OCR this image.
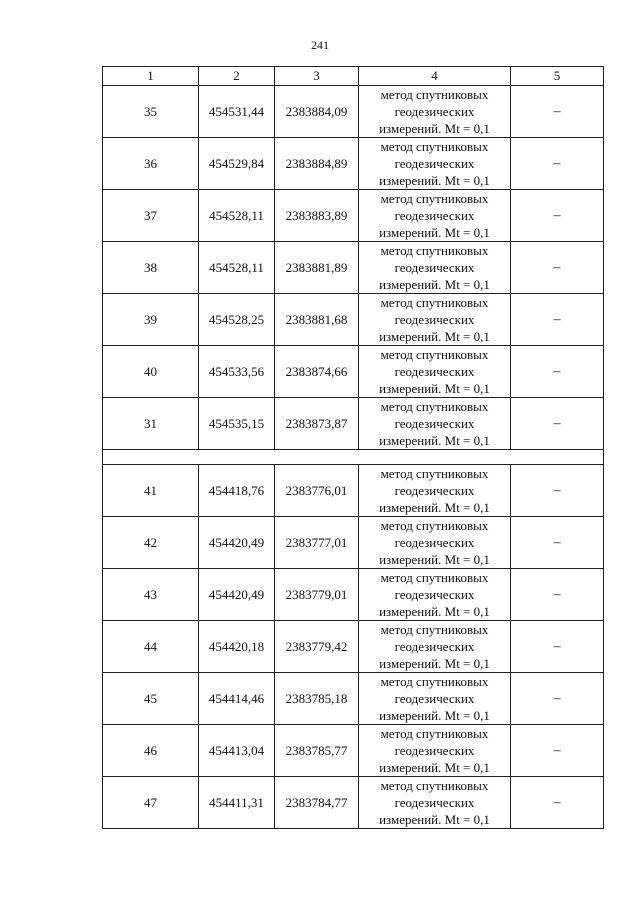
241
1	2	3	4	5
35	454531,44	2383884,09	метод спутниковых
геодезических
измерений. Mt = 0,1	–
36	454529,84	2383884,89	метод спутниковых
геодезических
измерений. Mt = 0,1	–
37	454528,11	2383883,89	метод спутниковых
геодезических
измерений. Mt = 0,1	–
38	454528,11	2383881,89	метод спутниковых
геодезических
измерений. Mt = 0,1	–
39	454528,25	2383881,68	метод спутниковых
геодезических
измерений. Mt = 0,1	–
40	454533,56	2383874,66	метод спутниковых
геодезических
измерений. Mt = 0,1	–
31	454535,15	2383873,87	метод спутниковых
геодезических
измерений. Mt = 0,1	–

41	454418,76	2383776,01	метод спутниковых
геодезических
измерений. Mt = 0,1	–
42	454420,49	2383777,01	метод спутниковых
геодезических
измерений. Mt = 0,1	–
43	454420,49	2383779,01	метод спутниковых
геодезических
измерений. Mt = 0,1	–
44	454420,18	2383779,42	метод спутниковых
геодезических
измерений. Mt = 0,1	–
45	454414,46	2383785,18	метод спутниковых
геодезических
измерений. Mt = 0,1	–
46	454413,04	2383785,77	метод спутниковых
геодезических
измерений. Mt = 0,1	–
47	454411,31	2383784,77	метод спутниковых
геодезических
измерений. Mt = 0,1	–
